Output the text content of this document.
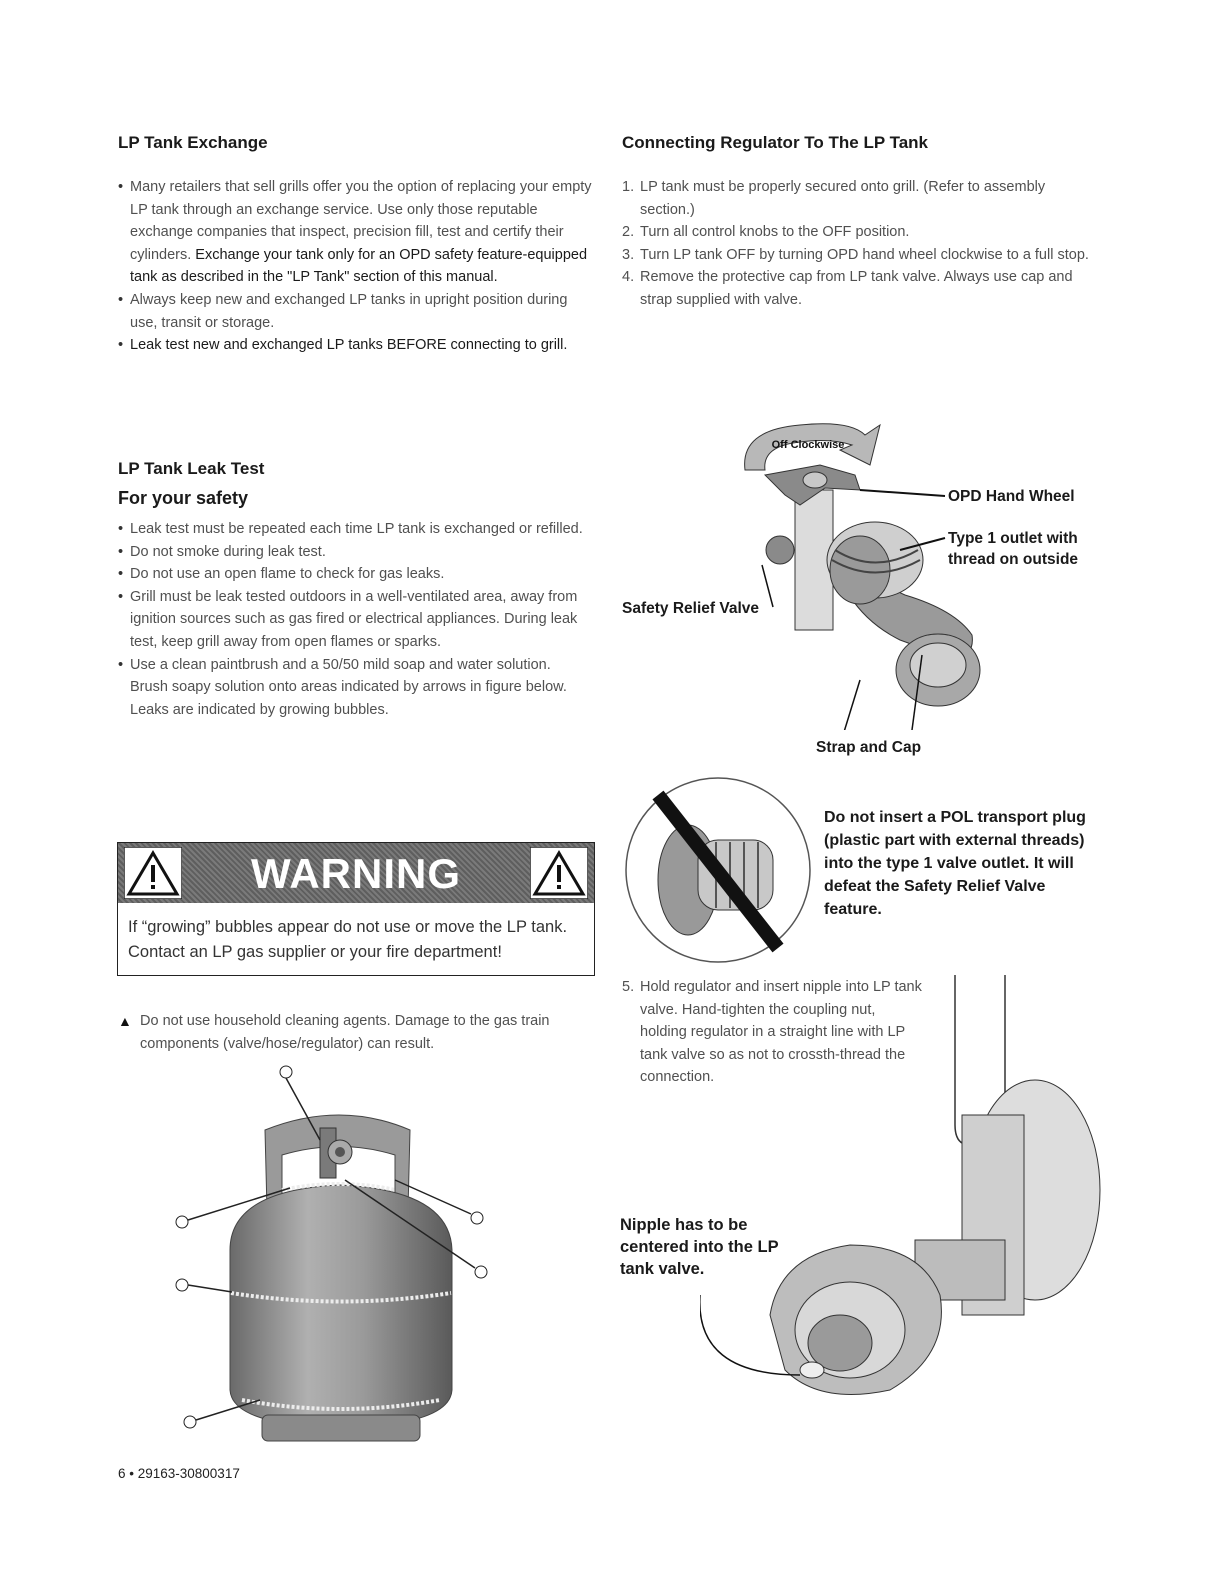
LP Tank Exchange
• Many retailers that sell grills offer you the option of replacing your empty LP tank through an exchange service. Use only those reputable exchange companies that inspect, precision fill, test and certify their cylinders. Exchange your tank only for an OPD safety feature-equipped tank as described in the "LP Tank" section of this manual.
• Always keep new and exchanged LP tanks in upright position during use, transit or storage.
• Leak test new and exchanged LP tanks BEFORE connecting to grill.
LP Tank Leak Test
For your safety
• Leak test must be repeated each time LP tank is exchanged or refilled.
• Do not smoke during leak test.
• Do not use an open flame to check for gas leaks.
• Grill must be leak tested outdoors in a well-ventilated area, away from ignition sources such as gas fired or electrical appliances. During leak test, keep grill away from open flames or sparks.
• Use a clean paintbrush and a 50/50 mild soap and water solution. Brush soapy solution onto areas indicated by arrows in figure below. Leaks are indicated by growing bubbles.
WARNING
If “growing” bubbles appear do not use or move the LP tank. Contact an LP gas supplier or your fire department!
▲ Do not use household cleaning agents. Damage to the gas train components (valve/hose/regulator) can result.
Connecting Regulator To The LP Tank
1. LP tank must be properly secured onto grill. (Refer to assembly section.)
2. Turn all control knobs to the OFF position.
3. Turn LP tank OFF by turning OPD hand wheel clockwise to a full stop.
4. Remove the protective cap from LP tank valve. Always use cap and strap supplied with valve.
Off Clockwise
OPD Hand Wheel
Type 1 outlet with thread on outside
Safety Relief Valve
Strap and Cap
Do not insert a POL transport plug (plastic part with external threads) into the type 1 valve outlet. It will defeat the Safety Relief Valve feature.
5. Hold regulator and insert nipple into LP tank valve. Hand-tighten the coupling nut, holding regulator in a straight line with LP tank valve so as not to crossth-thread the connection.
Nipple has to be centered into the LP tank valve.
6 • 29163-30800317
